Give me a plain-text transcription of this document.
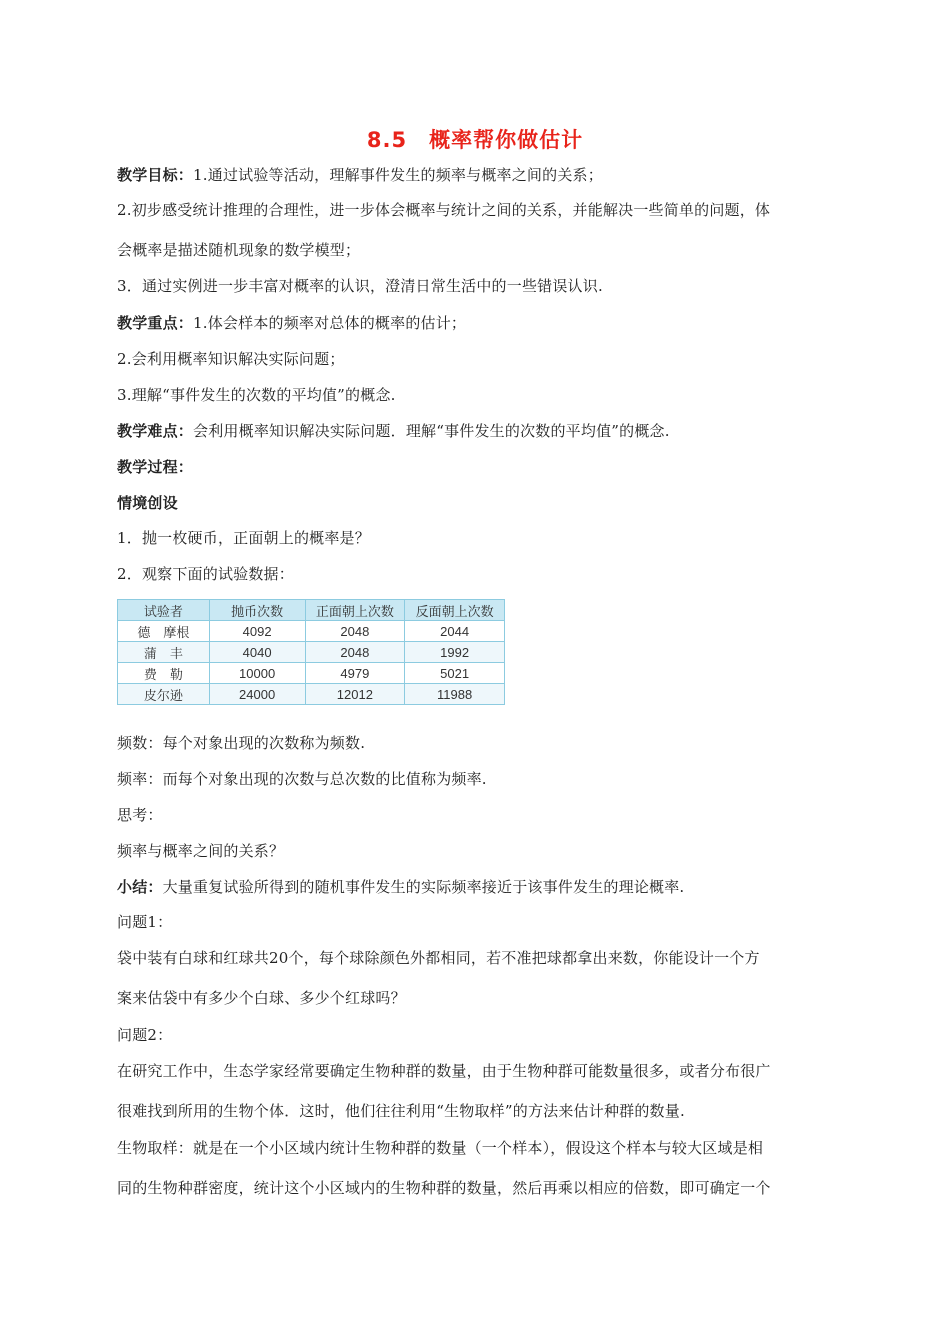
8.5　概率帮你做估计
教学目标：1.通过试验等活动，理解事件发生的频率与概率之间的关系；
2.初步感受统计推理的合理性，进一步体会概率与统计之间的关系，并能解决一些简单的问题，体
会概率是描述随机现象的数学模型；
3．通过实例进一步丰富对概率的认识，澄清日常生活中的一些错误认识.
教学重点：1.体会样本的频率对总体的概率的估计；
2.会利用概率知识解决实际问题；
3.理解“事件发生的次数的平均值”的概念.
教学难点：会利用概率知识解决实际问题．理解“事件发生的次数的平均值”的概念.
教学过程：
情境创设
1．抛一枚硬币，正面朝上的概率是？
2．观察下面的试验数据：
试验者	抛币次数	正面朝上次数	反面朝上次数
德　摩根	4092	2048	2044
蒲　丰	4040	2048	1992
费　勒	10000	4979	5021
皮尔逊	24000	12012	11988
频数：每个对象出现的次数称为频数.
频率：而每个对象出现的次数与总次数的比值称为频率.
思考：
频率与概率之间的关系？
小结：大量重复试验所得到的随机事件发生的实际频率接近于该事件发生的理论概率.
问题1：
袋中装有白球和红球共20个，每个球除颜色外都相同，若不准把球都拿出来数，你能设计一个方
案来估袋中有多少个白球、多少个红球吗？
问题2：
在研究工作中，生态学家经常要确定生物种群的数量，由于生物种群可能数量很多，或者分布很广
很难找到所用的生物个体．这时，他们往往利用“生物取样”的方法来估计种群的数量.
生物取样：就是在一个小区域内统计生物种群的数量（一个样本），假设这个样本与较大区域是相
同的生物种群密度，统计这个小区域内的生物种群的数量，然后再乘以相应的倍数，即可确定一个
